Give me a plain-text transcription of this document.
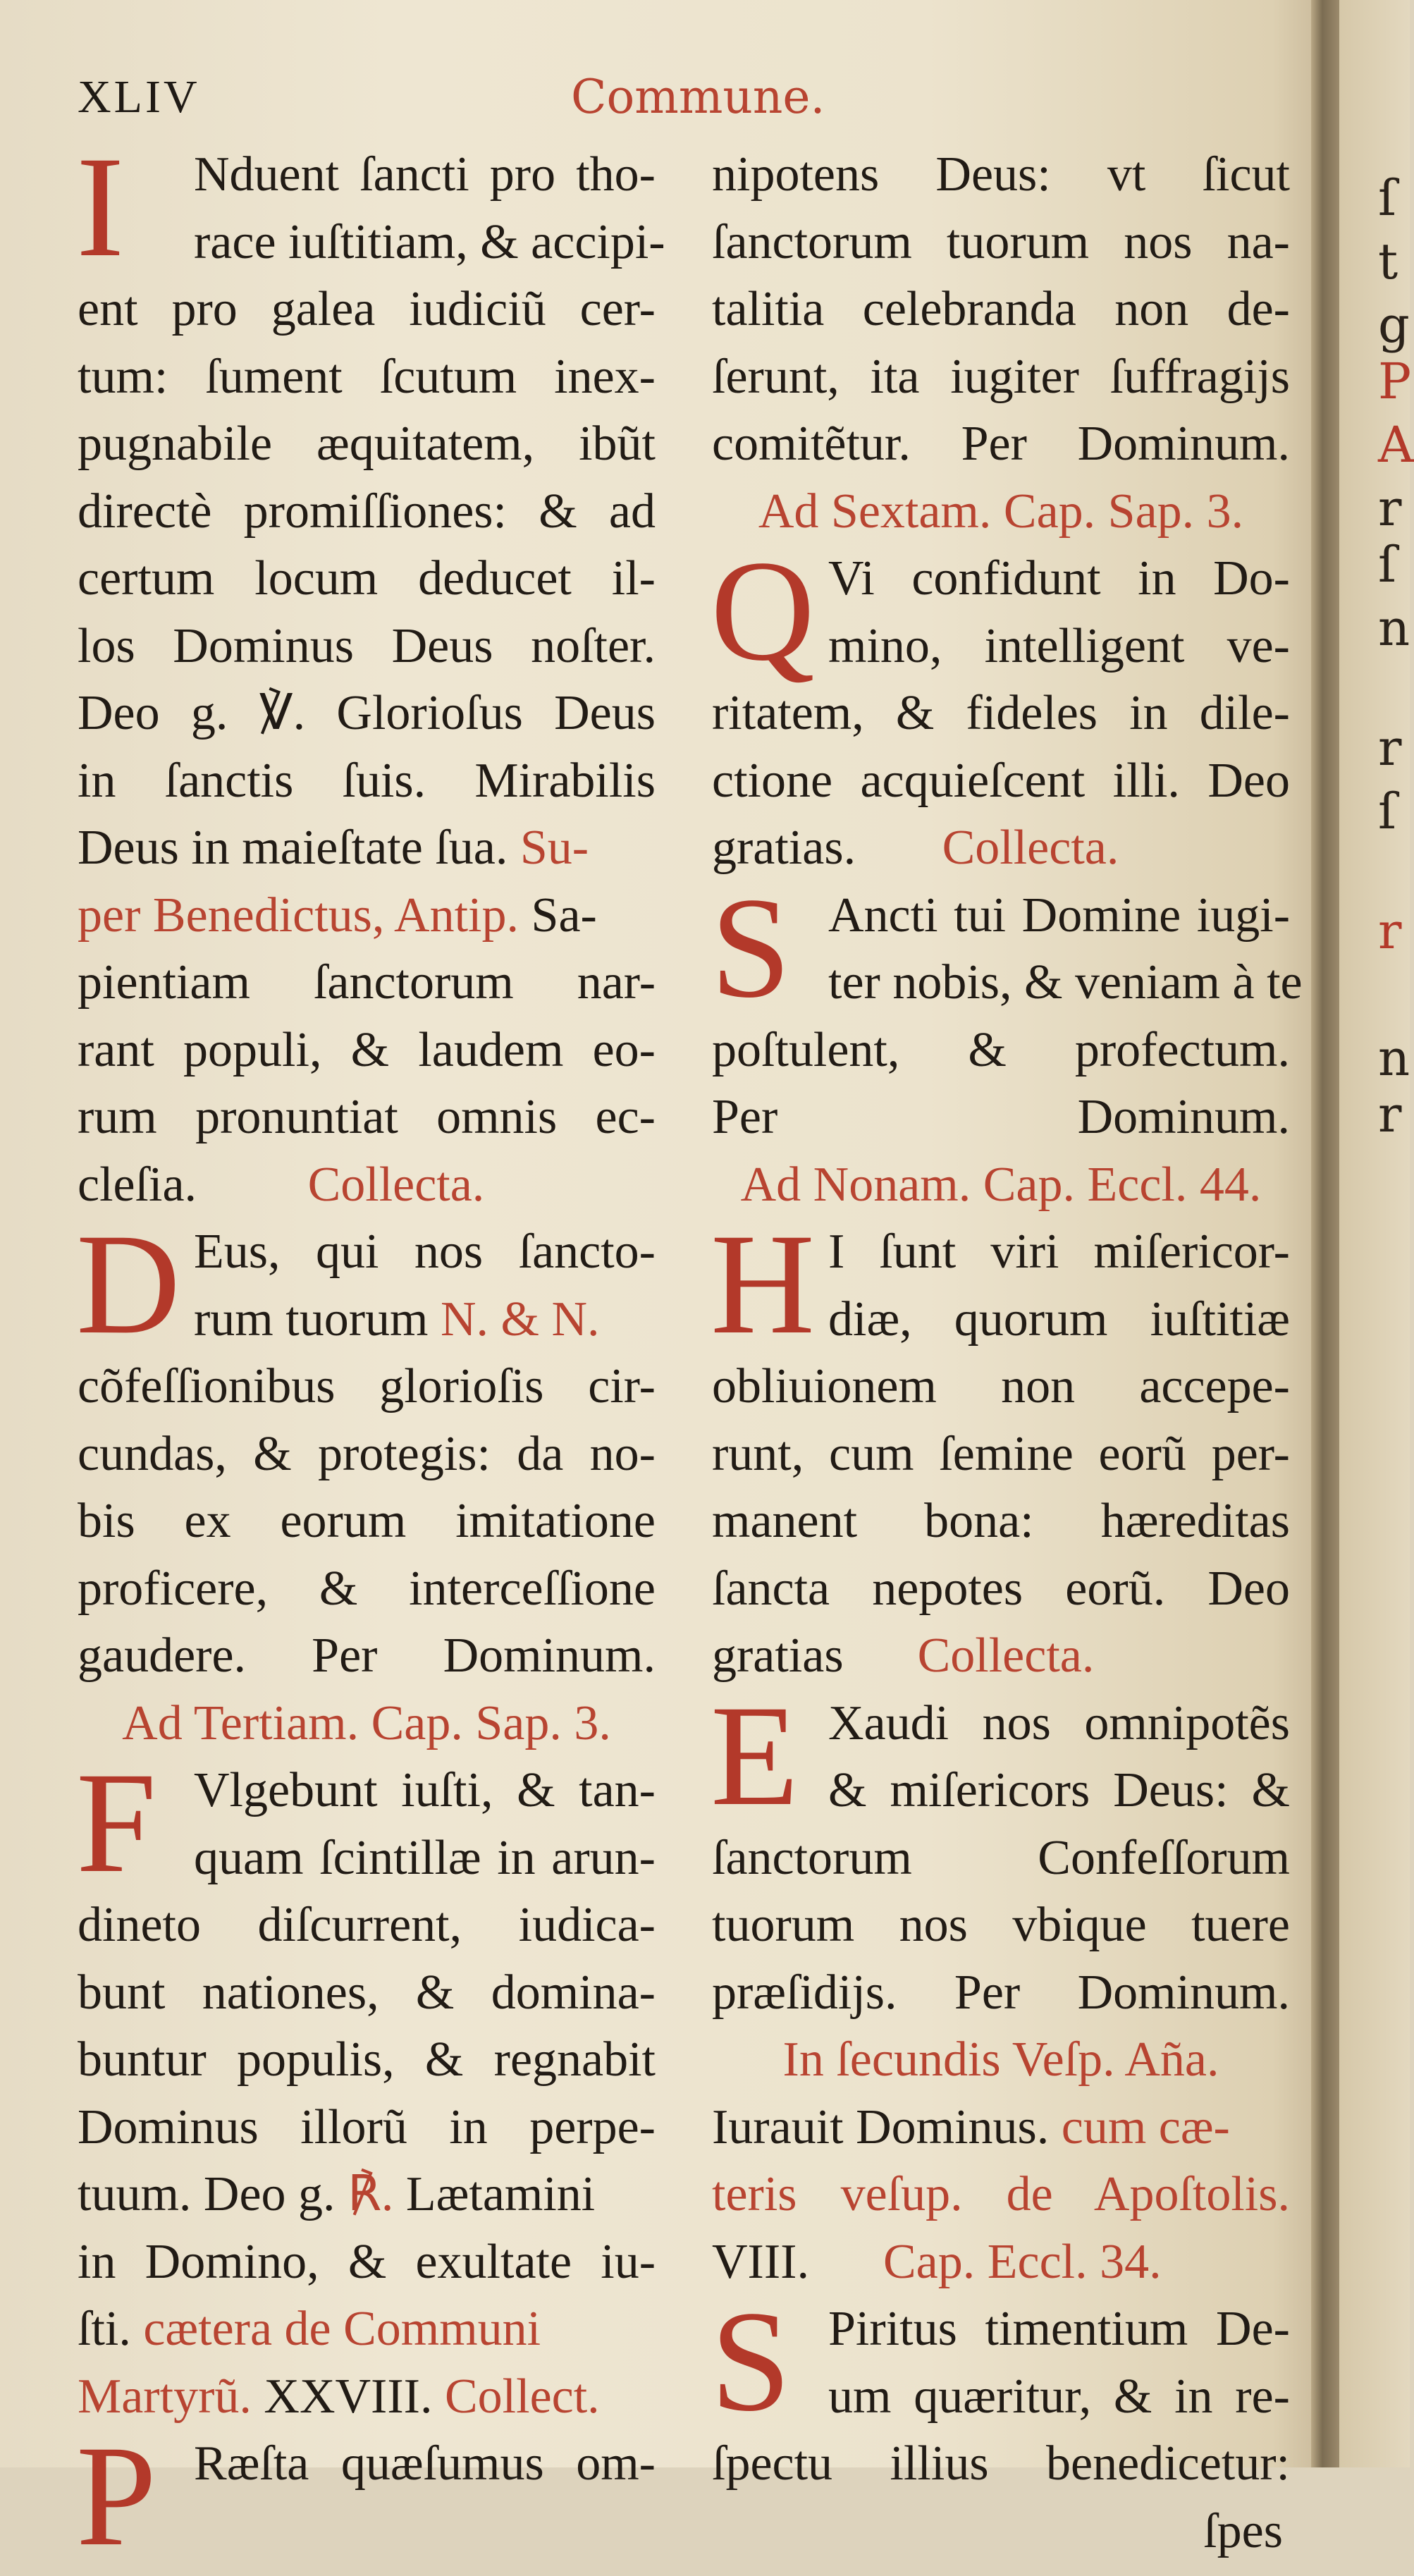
XLIV	Commune.
I	Nduent ſancti pro tho-
race iuſtitiam, & accipi-
ent pro galea iudiciũ cer-
tum: ſument ſcutum inex-
pugnabile æquitatem, ibũt
directè promiſſiones: & ad
certum locum deducet il-
los Dominus Deus noſter.
Deo g. ℣. Glorioſus Deus
in ſanctis ſuis. Mirabilis
Deus in maieſtate ſua. Su-
per Benedictus, Antip. Sa-
pientiam ſanctorum nar-
rant populi, & laudem eo-
rum pronuntiat omnis ec-
cleſia.         Collecta.
D Eus, qui nos ſancto-
rum tuorum N. & N.
cõfeſſionibus glorioſis cir-
cundas, & protegis: da no-
bis ex eorum imitatione
proficere, & interceſſione
gaudere. Per Dominum.
Ad Tertiam. Cap. Sap. 3.
F Vlgebunt iuſti, & tan-
quam ſcintillæ in arun-
dineto diſcurrent, iudica-
bunt nationes, & domina-
buntur populis, & regnabit
Dominus illorũ in perpe-
tuum. Deo g. ℟. Lætamini
in Domino, & exultate iu-
ſti. cætera de Communi
Martyrũ. XXVIII. Collect.
P Ræſta quæſumus om-
nipotens Deus: vt ſicut
ſanctorum tuorum nos na-
talitia celebranda non de-
ſerunt, ita iugiter ſuffragijs
comitẽtur. Per Dominum.
Ad Sextam. Cap. Sap. 3.
Q Vi confidunt in Do-
mino, intelligent ve-
ritatem, & fideles in dile-
ctione acquieſcent illi. Deo
gratias.       Collecta.
S Ancti tui Domine iugi-
ter nobis, & veniam à te
poſtulent, & profectum.
Per Dominum.
Ad Nonam. Cap. Eccl. 44.
H I ſunt viri miſericor-
diæ, quorum iuſtitiæ
obliuionem non accepe-
runt, cum ſemine eorũ per-
manent bona: hæreditas
ſancta nepotes eorũ. Deo
gratias      Collecta.
E Xaudi nos omnipotẽs
& miſericors Deus: &
ſanctorum Confeſſorum
tuorum nos vbique tuere
præſidijs. Per Dominum.
In ſecundis Veſp. Aña.
Iurauit Dominus. cum cæ-
teris veſup. de Apoſtolis.
VIII.      Cap. Eccl. 34.
S Piritus timentium De-
um quæritur, & in re-
ſpectu illius benedicetur:
ſpes
ſ
t
g
P
A
r
ſ
n
r
ſ
r
n
r
